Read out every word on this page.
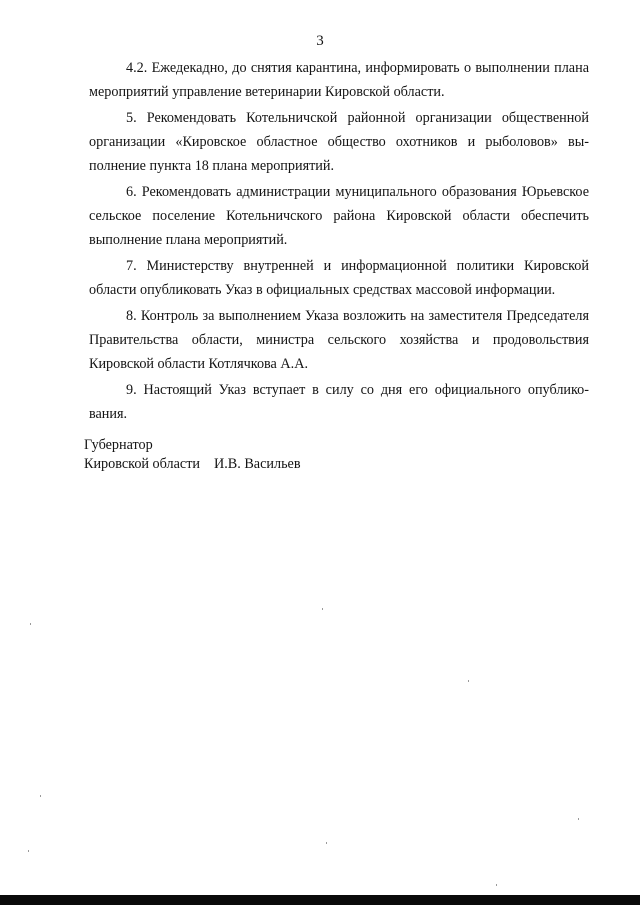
3

4.2. Ежедекадно, до снятия карантина, информировать о выполнении плана мероприятий управление ветеринарии Кировской области.

5. Рекомендовать Котельничской районной организации общественной организации «Кировское областное общество охотников и рыболовов» выполнение пункта 18 плана мероприятий.

6. Рекомендовать администрации муниципального образования Юрьевское сельское поселение Котельничского района Кировской области обеспечить выполнение плана мероприятий.

7. Министерству внутренней и информационной политики Кировской области опубликовать Указ в официальных средствах массовой информации.

8. Контроль за выполнением Указа возложить на заместителя Председателя Правительства области, министра сельского хозяйства и продовольствия Кировской области Котлячкова А.А.

9. Настоящий Указ вступает в силу со дня его официального опубликования.

Губернатор
Кировской области И.В. Васильев
